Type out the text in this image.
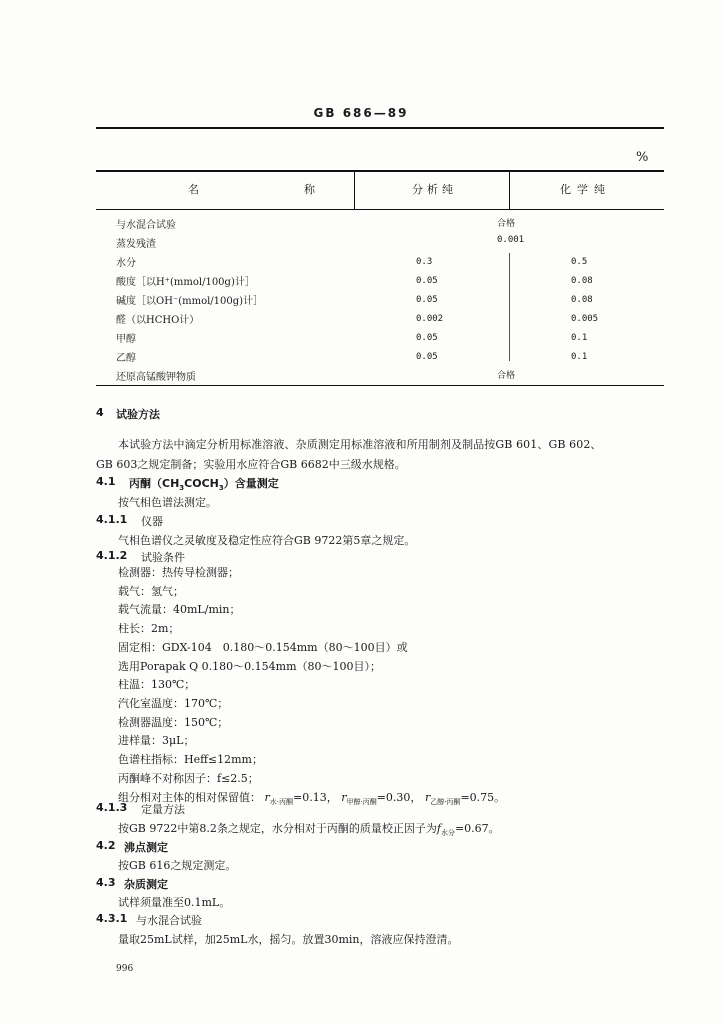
GB 686—89
%
名　　　称	分析纯	化学纯
与水混合试验	合格
蒸发残渣	0.001
水分	0.3	0.5
酸度［以H⁺(mmol/100g)计］	0.05	0.08
碱度［以OH⁻(mmol/100g)计］	0.05	0.08
醛（以HCHO计）	0.002	0.005
甲醇	0.05	0.1
乙醇	0.05	0.1
还原高锰酸钾物质	合格
4 试验方法
本试验方法中滴定分析用标准溶液、杂质测定用标准溶液和所用制剂及制品按GB 601、GB 602、
GB 603之规定制备；实验用水应符合GB 6682中三级水规格。
4.1 丙酮$(CH_3COCH_3)$含量测定
按气相色谱法测定。
4.1.1 仪器
气相色谱仪之灵敏度及稳定性应符合GB 9722第5章之规定。
4.1.2 试验条件
检测器：热传导检测器；
载气：氢气；
载气流量：40mL/min；
柱长：2m；
固定相：GDX-104　0.180～0.154mm（80～100目）或
选用Porapak Q 0.180～0.154mm（80～100目）；
柱温：130℃；
汽化室温度：170℃；
检测器温度：150℃；
进样量：3μL；
色谱柱指标：Heff≤12mm；
丙酮峰不对称因子：f≤2.5；
组分相对主体的相对保留值： $r_{水\cdot 丙酮}=0.13$， $r_{甲醇\cdot 丙酮}=0.30$， $r_{乙醇\cdot 丙酮}=0.75$。
4.1.3 定量方法
按GB 9722中第8.2条之规定，水分相对于丙酮的质量校正因子为$f_{水分}=0.67$。
4.2 沸点测定
按GB 616之规定测定。
4.3 杂质测定
试样须量准至0.1mL。
4.3.1 与水混合试验
量取25mL试样，加25mL水，摇匀。放置30min，溶液应保持澄清。
996
